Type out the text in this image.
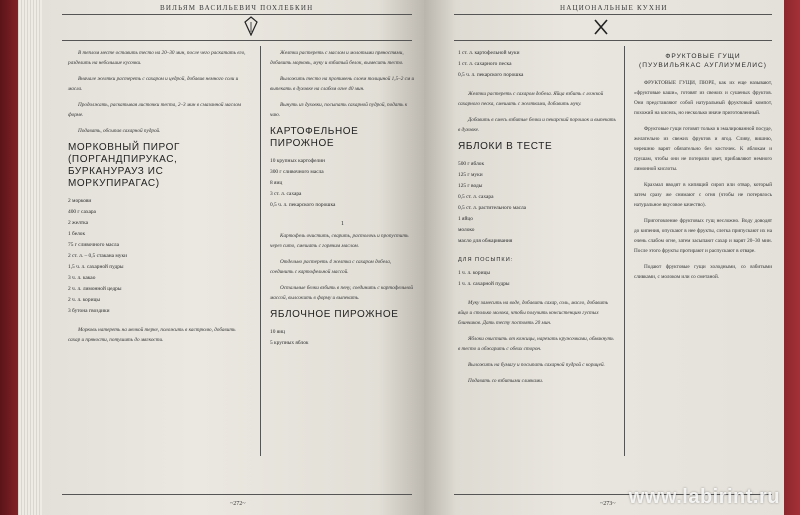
ВИЛЬЯМ ВАСИЛЬЕВИЧ ПОХЛЕБКИН

В теплом месте оставить тесто на 20–30 мин, после чего раскатать его, разделить на небольшие кусочки.

Вначале желтки растереть с сахаром и цедрой, добавив немного соли и масла.

Продолжать, раскатывая листочки теста, 2–3 мин в смазанной маслом форме.

Подавать, обсыпав сахарной пудрой.

МОРКОВНЫЙ ПИРОГ (ПОРГАНДПИРУКАС, БУРКАНУРАУЗ ИС МОРКУПИРАГАС)
2 моркови
400 г сахара
2 желтка
1 белок
75 г сливочного масла
2 ст. л. – 0,5 стакана муки
1,5 ч. л. сахарной пудры
3 ч. л. какао
2 ч. л. лимонной цедры
2 ч. л. корицы
3 бутона гвоздики

Морковь натереть на мелкой терке, положить в кастрюлю, добавить сахар и пряности, потушить до мягкости.

Желтки растереть с маслом и молотыми пряностями, добавить морковь, муку и взбитый белок, вымесить тесто.

Выложить тесто на противень слоем толщиной 1,5–2 см и выпекать в духовке на слабом огне 40 мин.

Вынуть из духовки, посыпать сахарной пудрой, подать к чаю.

КАРТОФЕЛЬНОЕ ПИРОЖНОЕ
10 крупных картофелин
300 г сливочного масла
8 яиц
3 ст. л. сахара
0,5 ч. л. пекарского порошка
1

Картофель очистить, сварить, растолочь и пропустить через сито, смешать с горячим маслом.

Отдельно растереть 4 желтка с сахаром добела, соединить с картофельной массой.

Остальные белки взбить в пену, соединить с картофельной массой, выложить в форму и выпекать.

ЯБЛОЧНОЕ ПИРОЖНОЕ
10 яиц
5 крупных яблок
~272~
НАЦИОНАЛЬНЫЕ КУХНИ
1 ст. л. картофельной муки
1 ст. л. сахарного песка
0,5 ч. л. пекарского порошка

Желтки растереть с сахаром добела. Яйца взбить с ложкой сахарного песка, смешать с желтками, добавить муку.

Добавить в смесь взбитые белки и пекарский порошок и выпекать в духовке.

ЯБЛОКИ В ТЕСТЕ
500 г яблок
125 г муки
125 г воды
0,5 ст. л. сахара
0,5 ст. л. растительного масла
1 яйцо
молоко
масло для обжаривания
ДЛЯ ПОСЫПКИ:
1 ч. л. корицы
1 ч. л. сахарной пудры

Муку замесить на воде, добавить сахар, соль, масло, добавить яйцо и столько молока, чтобы получить консистенцию густых блинчиков. Дать тесту постоять 20 мин.

Яблоки очистить от кожицы, нарезать кружочками, обмакнуть в тесто и обжарить с обеих сторон.

Выложить на бумагу и посыпать сахарной пудрой с корицей.

Подавать со взбитыми сливками.

ФРУКТОВЫЕ ГУЩИ (ПУУВИЛЬЯКАС АУГЛИУМЕЛИС)

ФРУКТОВЫЕ ГУЩИ, ПЮРЕ, как их еще называют, «фруктовые каши», готовят из свежих и сушеных фруктов. Они представляют собой натуральный фруктовый компот, похожий на кисель, но несколько иначе приготовленный.

Фруктовые гущи готовят только в эмалированной посуде, желательно из свежих фруктов и ягод. Сливу, вишню, черешню варят обязательно без косточек. К яблокам и грушам, чтобы они не потеряли цвет, прибавляют немного лимонной кислоты.

Крахмал вводят в кипящий сироп или отвар, который затем сразу же снимают с огня (чтобы не потерялось натуральное вкусовое качество).

Приготовление фруктовых гущ несложно. Воду доводят до кипения, опускают в нее фрукты, слегка припускают их на очень слабом огне, затем засыпают сахар и варят 20–30 мин. После этого фрукты протирают и распускают в отваре.

Подают фруктовые гущи холодными, со взбитыми сливками, с молоком или со сметаной.

~273~ www.labirint.ru
